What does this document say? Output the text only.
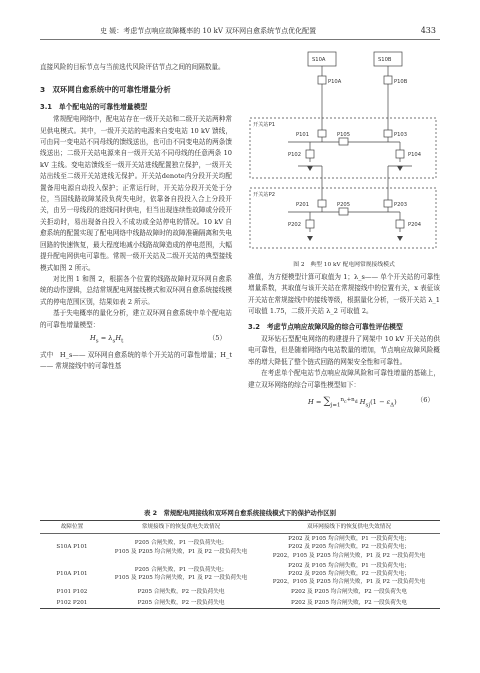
史 媛：考虑节点响应故障概率的 10 kV 双环网自愈系统节点优化配置	433

直接风险的目标节点与当前选代风险评估节点之间的间隔数量。

3　双环网自愈系统中的可靠性增量分析
3.1　单个配电站的可靠性增量模型

常规配电网络中，配电站存在一级开关站和二级开关站两种常见供电模式。其中，一级开关站的电源来自变电站 10 kV 馈线，可由同一变电站不同母线的馈线送出，也可由不同变电站的两条馈线送出；二级开关站电源来自一级开关站不同母线的任意两条 10 kV 主线。变电站馈线至一级开关站进线配置独立保护，一级开关站出线至二级开关站进线无保护。开关站denote内分段开关均配置备用电源自动投入保护；正常运行时，开关站分段开关处于分位，当国线路故障某段负荷失电时，依靠备自投投入合上分段开关，由另一母线段的进线同时供电，但当出现连续性故障或分段开关拒动时，易出现备自投入不成功或全站停电的情况。10 kV 自愈系统的配置实现了配电网络中线路故障时的故障准确隔离和失电回路的快速恢复，最大程度地减小线路故障造成的停电范围，大幅提升配电网供电可靠性。常规一级开关站及二级开关站的典型接线模式如图 2 所示。

对比图 1 和图 2，根据各个位置的线路故障时双环网自愈系统的动作逻辑，总结常规配电网接线模式和双环网自愈系统接线模式的停电范围区别，结果如表 2 所示。

基于失电概率的量化分析，建立双环网自愈系统中单个配电站的可靠性增量模型：

$H_s = \lambda_sH_t$	（5）

式中　H_s—— 双环网自愈系统的单个开关站的可靠性增量；H_t—— 常规接线中的可靠性基

S10A	S10B
P10A	P10B
开关站P1
P101	P105	P103
P102	P104
开关站P2
P201	P205	P203
P202	P204
图 2　典型 10 kV 配电网常规接线模式

准值，为方便模型计算可取值为 1；λ_s—— 单个开关站的可靠性增量系数，其取值与该开关站在常规接线中的位置有关，x 表征该开关站在常规接线中的接线等级，根据量化分析，一级开关站 λ_1 可取值 1.75，二级开关站 λ_2 可取值 2。

3.2　考虑节点响应故障风险的综合可靠性评估模型

双环钻石型配电网络的构建提升了网架中 10 kV 开关站的供电可靠性，但是随着网络内电站数量的增加，节点响应故障风险概率的增大降低了整个链式回路的网架安全性和可靠性。

在考虑单个配电站节点响应故障风险和可靠性增量的基础上，建立双环网络的综合可靠性模型如下：

$H = \sum_{j=1}^{n_c+n_d}$ $H_{sj}(1 - \varepsilon_\Delta)$	（6）
表 2　常规配电网接线和双环网自愈系统接线模式下的保护动作区别
故障位置	常规接线下的恢复供电失效情况	双环网接线下的恢复供电失效情况
S10A P101	P205 合闸失败，P1 一段负荷失电；
P105 及 P205 均合闸失败，P1 及 P2 一段负荷失电	P202 及 P105 均合闸失败，P1 一段负荷失电；
P202 及 P205 均合闸失败，P2 一段负荷失电；
P202，P105 及 P205 均合闸失败，P1 及 P2 一段负荷失电

P10A P101	P205 合闸失败，P1 一段负荷失电；
P105 及 P205 均合闸失败，P1 及 P2 一段负荷失电	P202 及 P105 均合闸失败，P1 一段负荷失电；
P202 及 P205 均合闸失败，P2 一段负荷失电；
P202，P105 及 P205 均合闸失败，P1 及 P2 一段负荷失电

P101 P102	P205 合闸失败，P2 一段负荷失电	P202 及 P205 均合闸失败，P2 一段负荷失电

P102 P201	P205 合闸失败，P2 一段负荷失电	P202 及 P205 均合闸失败，P2 一段负荷失电
